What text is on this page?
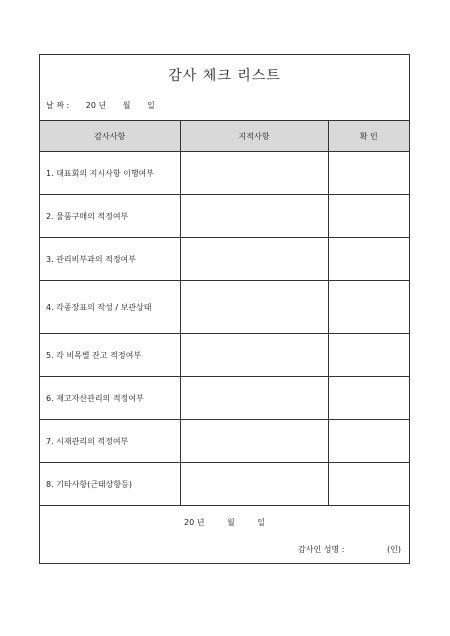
감사 체크 리스트
날 짜 : 20 년 월 일
감사사항	지적사항	확 인
1. 대표회의 지시사항 이행여부		
2. 물품구매의 적정여부		
3. 관리비부과의 적정여부		
4. 각종장표의 작성 / 보관상태		
5. 각 비목별 잔고 적정여부		
6. 재고자산관리의 적정여부		
7. 시재관리의 적정여부		
8. 기타사항(근태상항등)		
20 년	월	일
감사인 성명 :	(인)
